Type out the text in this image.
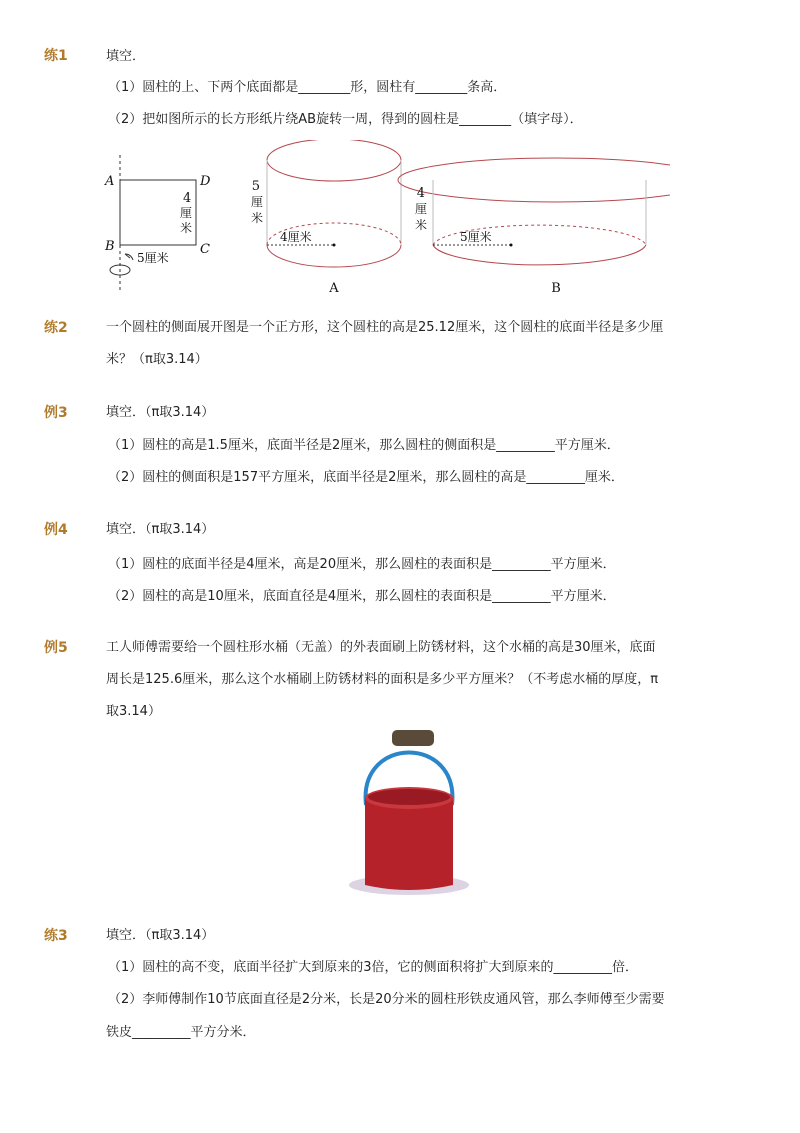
练1	填空．
（1）圆柱的上、下两个底面都是________形，圆柱有________条高．
（2）把如图所示的长方形纸片绕AB旋转一周，得到的圆柱是________（填字母）．
A	D
B	C
4
厘
米
5厘米
4厘米
5
厘
米
A
5厘米
4
厘
米
B
练2	一个圆柱的侧面展开图是一个正方形，这个圆柱的高是25.12厘米，这个圆柱的底面半径是多少厘
米？（π取3.14）
例3	填空．（π取3.14）
（1）圆柱的高是1.5厘米，底面半径是2厘米，那么圆柱的侧面积是_________平方厘米．
（2）圆柱的侧面积是157平方厘米，底面半径是2厘米，那么圆柱的高是_________厘米．
例4	填空．（π取3.14）
（1）圆柱的底面半径是4厘米，高是20厘米，那么圆柱的表面积是_________平方厘米．
（2）圆柱的高是10厘米，底面直径是4厘米，那么圆柱的表面积是_________平方厘米．
例5	工人师傅需要给一个圆柱形水桶（无盖）的外表面刷上防锈材料，这个水桶的高是30厘米，底面
周长是125.6厘米，那么这个水桶刷上防锈材料的面积是多少平方厘米？（不考虑水桶的厚度，π
取3.14）
练3	填空．（π取3.14）
（1）圆柱的高不变，底面半径扩大到原来的3倍，它的侧面积将扩大到原来的_________倍．
（2）李师傅制作10节底面直径是2分米，长是20分米的圆柱形铁皮通风管，那么李师傅至少需要
铁皮_________平方分米．
